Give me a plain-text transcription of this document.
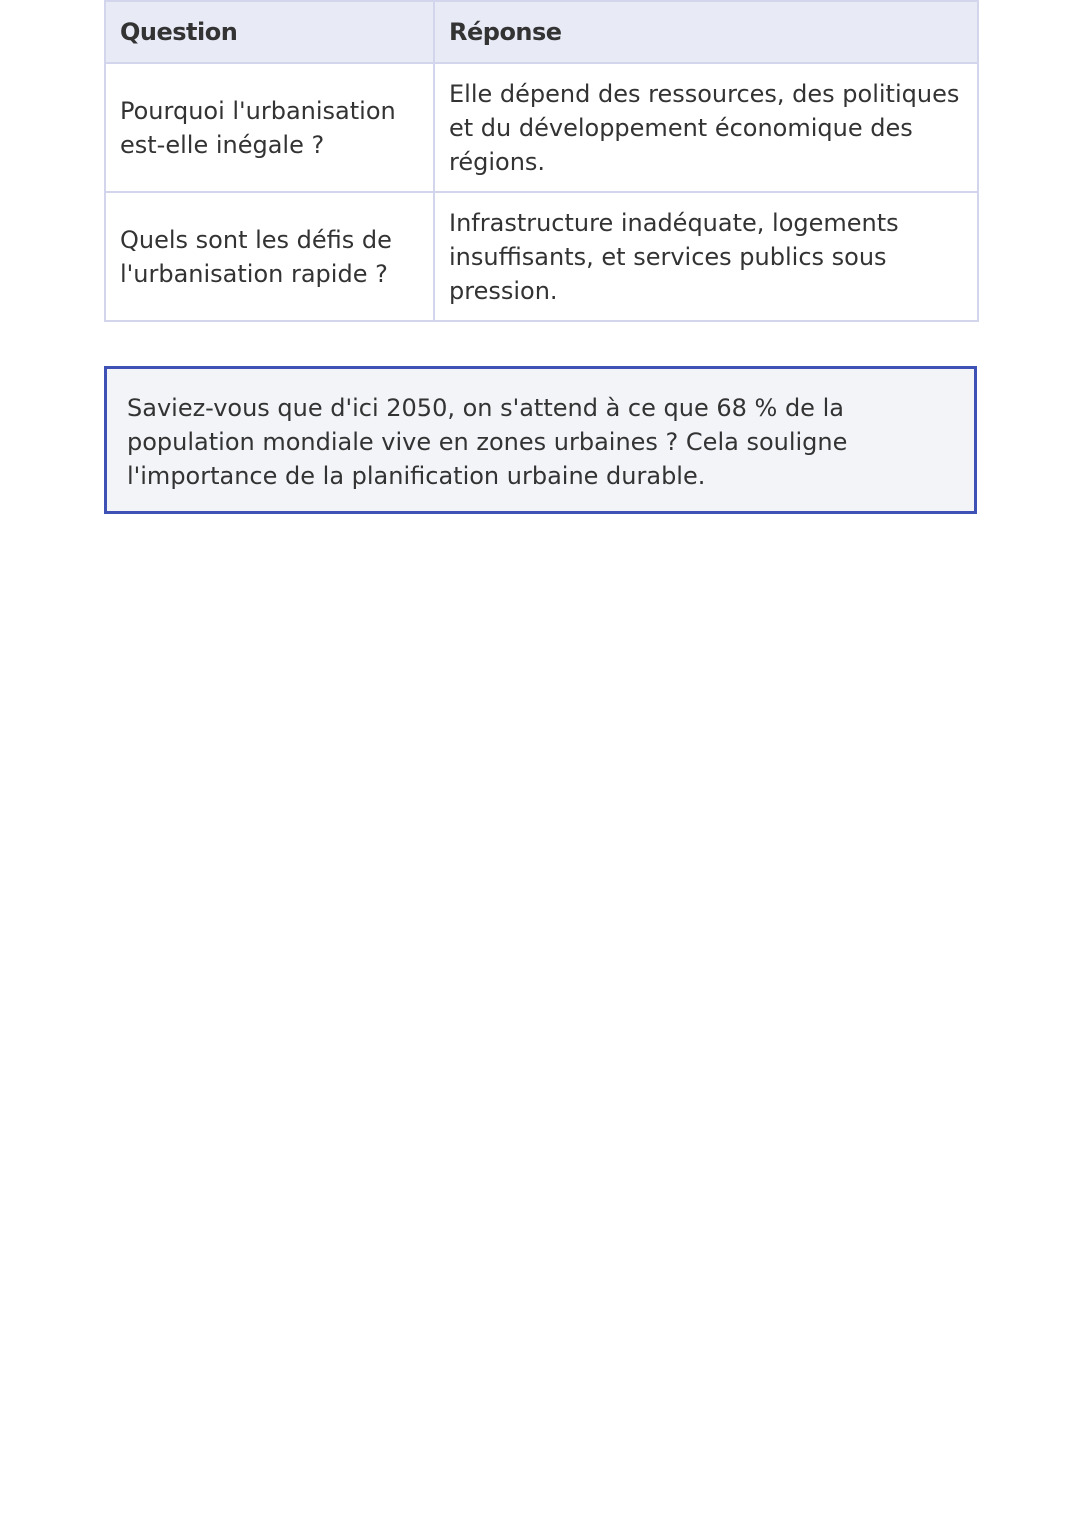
Question	Réponse
Pourquoi l'urbanisation est-elle inégale ?	Elle dépend des ressources, des politiques et du développement économique des régions.
Quels sont les défis de l'urbanisation rapide ?	Infrastructure inadéquate, logements insuffisants, et services publics sous pression.
Saviez-vous que d'ici 2050, on s'attend à ce que 68 % de la population mondiale vive en zones urbaines ? Cela souligne l'importance de la planification urbaine durable.
